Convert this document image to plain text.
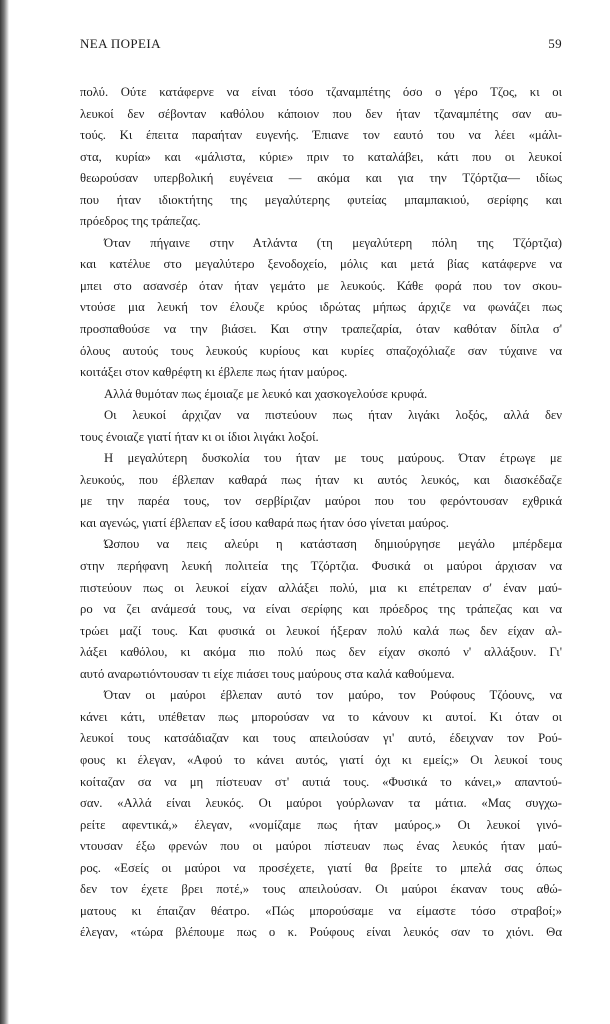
ΝΕΑ ΠΟΡΕΙΑ	59
πολύ. Ούτε κατάφερνε να είναι τόσο τζαναμπέτης όσο ο γέρο Τζος, κι οι
λευκοί δεν σέβονταν καθόλου κάποιον που δεν ήταν τζαναμπέτης σαν αυ-
τούς. Κι έπειτα παραήταν ευγενής. Έπιανε τον εαυτό του να λέει «μάλι-
στα, κυρία» και «μάλιστα, κύριε» πριν το καταλάβει, κάτι που οι λευκοί
θεωρούσαν υπερβολική ευγένεια — ακόμα και για την Τζόρτζια— ιδίως
που ήταν ιδιοκτήτης της μεγαλύτερης φυτείας μπαμπακιού, σερίφης και
πρόεδρος της τράπεζας.
Όταν πήγαινε στην Ατλάντα (τη μεγαλύτερη πόλη της Τζόρτζια)
και κατέλυε στο μεγαλύτερο ξενοδοχείο, μόλις και μετά βίας κατάφερνε να
μπει στο ασανσέρ όταν ήταν γεμάτο με λευκούς. Κάθε φορά που τον σκου-
ντούσε μια λευκή τον έλουζε κρύος ιδρώτας μήπως άρχιζε να φωνάζει πως
προσπαθούσε να την βιάσει. Και στην τραπεζαρία, όταν καθόταν δίπλα σ'
όλους αυτούς τους λευκούς κυρίους και κυρίες σπαζοχόλιαζε σαν τύχαινε να
κοιτάξει στον καθρέφτη κι έβλεπε πως ήταν μαύρος.
Αλλά θυμόταν πως έμοιαζε με λευκό και χασκογελούσε κρυφά.
Οι λευκοί άρχιζαν να πιστεύουν πως ήταν λιγάκι λοξός, αλλά δεν
τους ένοιαζε γιατί ήταν κι οι ίδιοι λιγάκι λοξοί.
Η μεγαλύτερη δυσκολία του ήταν με τους μαύρους. Όταν έτρωγε με
λευκούς, που έβλεπαν καθαρά πως ήταν κι αυτός λευκός, και διασκέδαζε
με την παρέα τους, τον σερβίριζαν μαύροι που του φερόντουσαν εχθρικά
και αγενώς, γιατί έβλεπαν εξ ίσου καθαρά πως ήταν όσο γίνεται μαύρος.
Ώσπου να πεις αλεύρι η κατάσταση δημιούργησε μεγάλο μπέρδεμα
στην περήφανη λευκή πολιτεία της Τζόρτζια. Φυσικά οι μαύροι άρχισαν να
πιστεύουν πως οι λευκοί είχαν αλλάξει πολύ, μια κι επέτρεπαν σ' έναν μαύ-
ρο να ζει ανάμεσά τους, να είναι σερίφης και πρόεδρος της τράπεζας και να
τρώει μαζί τους. Και φυσικά οι λευκοί ήξεραν πολύ καλά πως δεν είχαν αλ-
λάξει καθόλου, κι ακόμα πιο πολύ πως δεν είχαν σκοπό ν' αλλάξουν. Γι'
αυτό αναρωτιόντουσαν τι είχε πιάσει τους μαύρους στα καλά καθούμενα.
Όταν οι μαύροι έβλεπαν αυτό τον μαύρο, τον Ρούφους Τζόουνς, να
κάνει κάτι, υπέθεταν πως μπορούσαν να το κάνουν κι αυτοί. Κι όταν οι
λευκοί τους κατσάδιαζαν και τους απειλούσαν γι' αυτό, έδειχναν τον Ρού-
φους κι έλεγαν, «Αφού το κάνει αυτός, γιατί όχι κι εμείς;» Οι λευκοί τους
κοίταζαν σα να μη πίστευαν στ' αυτιά τους. «Φυσικά το κάνει,» απαντού-
σαν. «Αλλά είναι λευκός. Οι μαύροι γούρλωναν τα μάτια. «Μας συγχω-
ρείτε αφεντικά,» έλεγαν, «νομίζαμε πως ήταν μαύρος.» Οι λευκοί γινό-
ντουσαν έξω φρενών που οι μαύροι πίστευαν πως ένας λευκός ήταν μαύ-
ρος. «Εσείς οι μαύροι να προσέχετε, γιατί θα βρείτε το μπελά σας όπως
δεν τον έχετε βρει ποτέ,» τους απειλούσαν. Οι μαύροι έκαναν τους αθώ-
ματους κι έπαιζαν θέατρο. «Πώς μπορούσαμε να είμαστε τόσο στραβοί;»
έλεγαν, «τώρα βλέπουμε πως ο κ. Ρούφους είναι λευκός σαν το χιόνι. Θα
